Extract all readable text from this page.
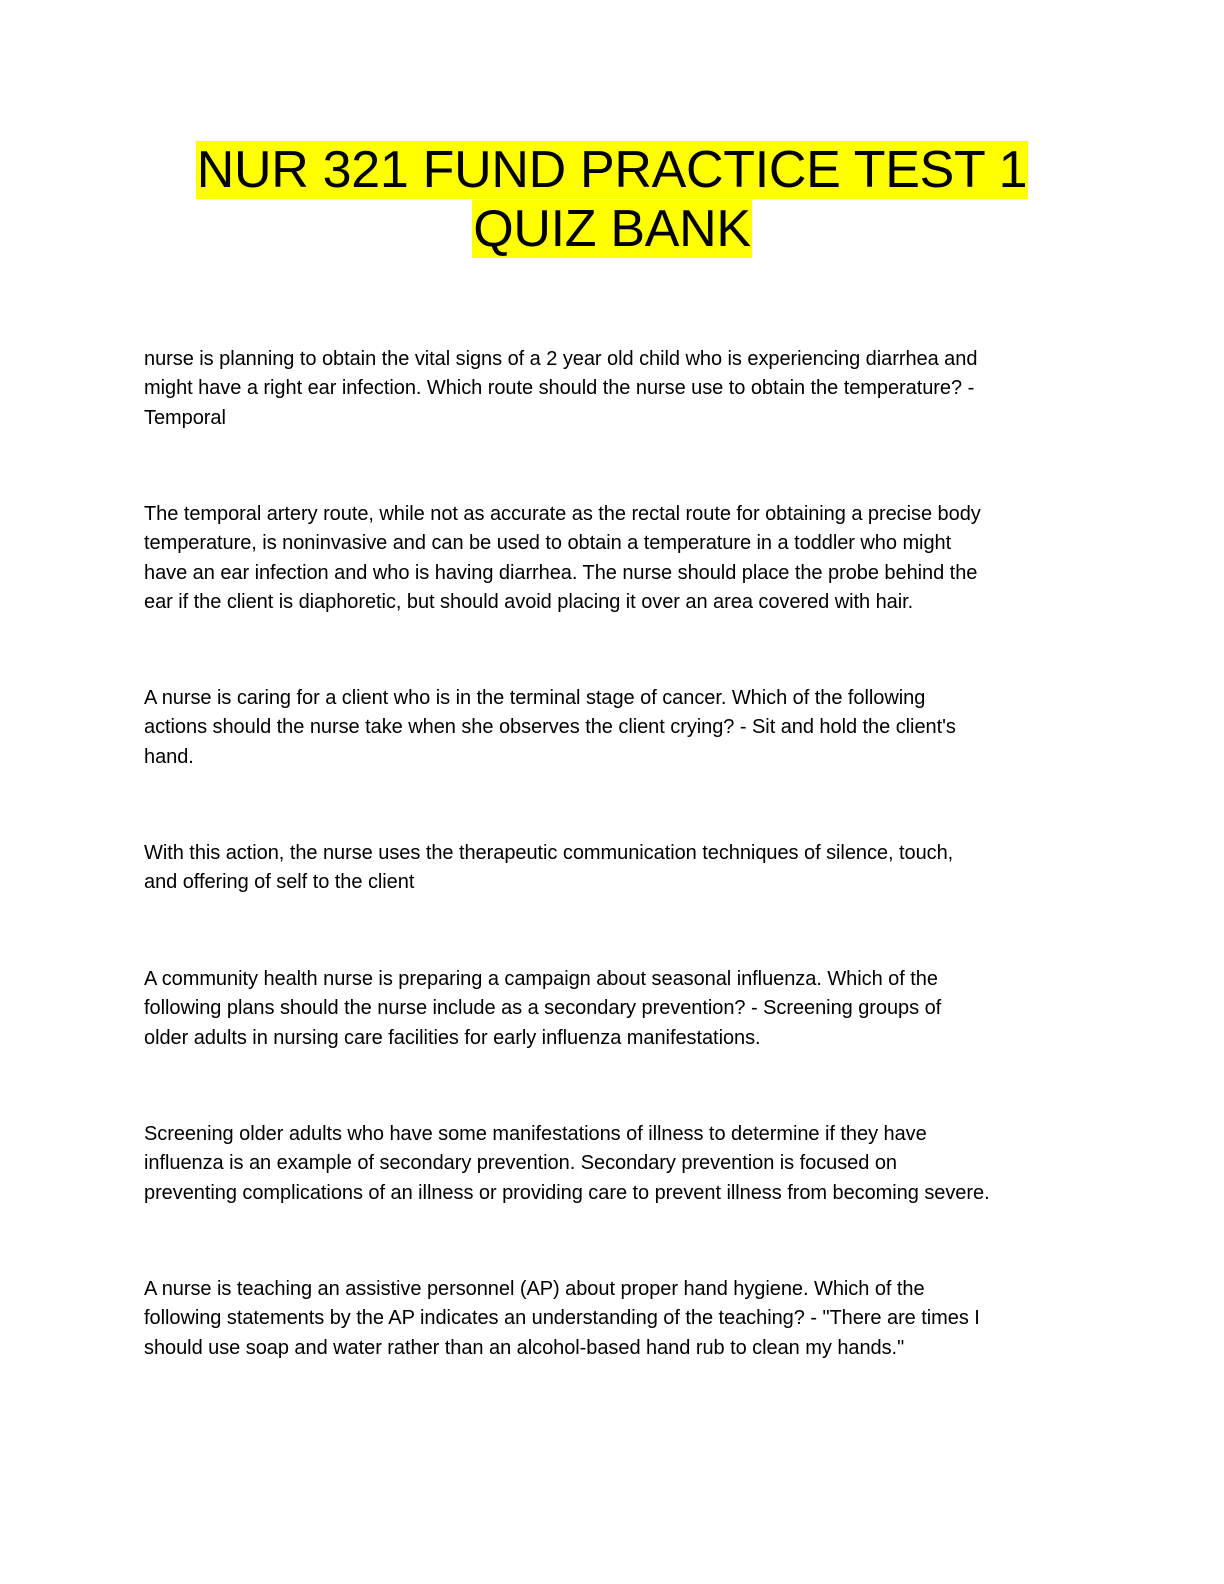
NUR 321 FUND PRACTICE TEST 1
QUIZ BANK
nurse is planning to obtain the vital signs of a 2 year old child who is experiencing diarrhea and
might have a right ear infection. Which route should the nurse use to obtain the temperature? -
Temporal
The temporal artery route, while not as accurate as the rectal route for obtaining a precise body
temperature, is noninvasive and can be used to obtain a temperature in a toddler who might
have an ear infection and who is having diarrhea. The nurse should place the probe behind the
ear if the client is diaphoretic, but should avoid placing it over an area covered with hair.
A nurse is caring for a client who is in the terminal stage of cancer. Which of the following
actions should the nurse take when she observes the client crying? - Sit and hold the client's
hand.
With this action, the nurse uses the therapeutic communication techniques of silence, touch,
and offering of self to the client
A community health nurse is preparing a campaign about seasonal influenza. Which of the
following plans should the nurse include as a secondary prevention? - Screening groups of
older adults in nursing care facilities for early influenza manifestations.
Screening older adults who have some manifestations of illness to determine if they have
influenza is an example of secondary prevention. Secondary prevention is focused on
preventing complications of an illness or providing care to prevent illness from becoming severe.
A nurse is teaching an assistive personnel (AP) about proper hand hygiene. Which of the
following statements by the AP indicates an understanding of the teaching? - "There are times I
should use soap and water rather than an alcohol-based hand rub to clean my hands."
